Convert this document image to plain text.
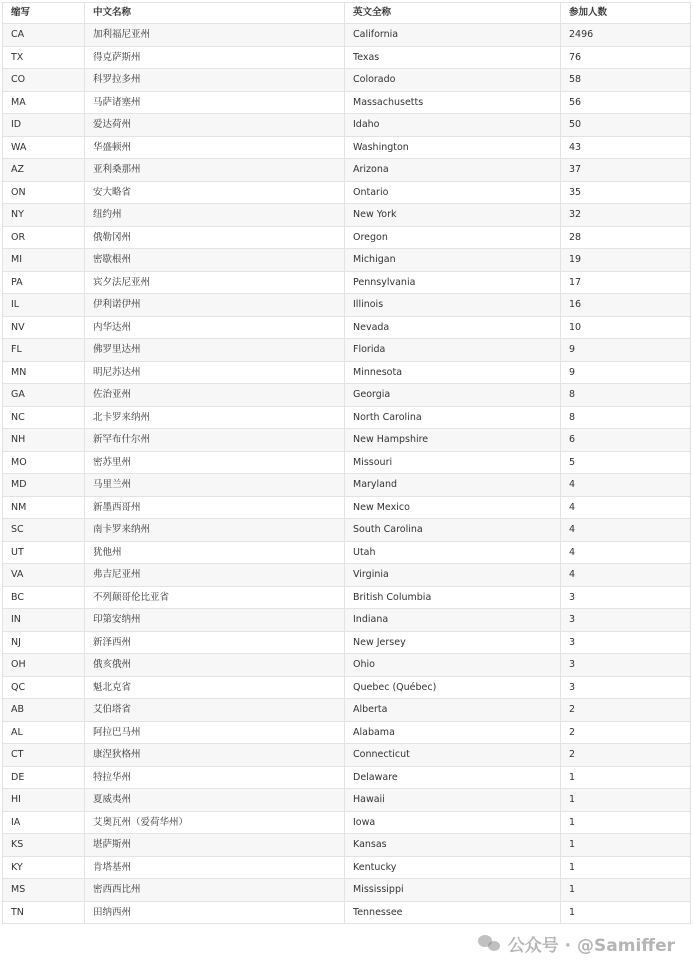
缩写	中文名称	英文全称	参加人数
CA	加利福尼亚州	California	2496
TX	得克萨斯州	Texas	76
CO	科罗拉多州	Colorado	58
MA	马萨诸塞州	Massachusetts	56
ID	爱达荷州	Idaho	50
WA	华盛顿州	Washington	43
AZ	亚利桑那州	Arizona	37
ON	安大略省	Ontario	35
NY	纽约州	New York	32
OR	俄勒冈州	Oregon	28
MI	密歇根州	Michigan	19
PA	宾夕法尼亚州	Pennsylvania	17
IL	伊利诺伊州	Illinois	16
NV	内华达州	Nevada	10
FL	佛罗里达州	Florida	9
MN	明尼苏达州	Minnesota	9
GA	佐治亚州	Georgia	8
NC	北卡罗来纳州	North Carolina	8
NH	新罕布什尔州	New Hampshire	6
MO	密苏里州	Missouri	5
MD	马里兰州	Maryland	4
NM	新墨西哥州	New Mexico	4
SC	南卡罗来纳州	South Carolina	4
UT	犹他州	Utah	4
VA	弗吉尼亚州	Virginia	4
BC	不列颠哥伦比亚省	British Columbia	3
IN	印第安纳州	Indiana	3
NJ	新泽西州	New Jersey	3
OH	俄亥俄州	Ohio	3
QC	魁北克省	Quebec (Québec)	3
AB	艾伯塔省	Alberta	2
AL	阿拉巴马州	Alabama	2
CT	康涅狄格州	Connecticut	2
DE	特拉华州	Delaware	1
HI	夏威夷州	Hawaii	1
IA	艾奥瓦州（爱荷华州）	Iowa	1
KS	堪萨斯州	Kansas	1
KY	肯塔基州	Kentucky	1
MS	密西西比州	Mississippi	1
TN	田纳西州	Tennessee	1
公众号 · @Samiffer
